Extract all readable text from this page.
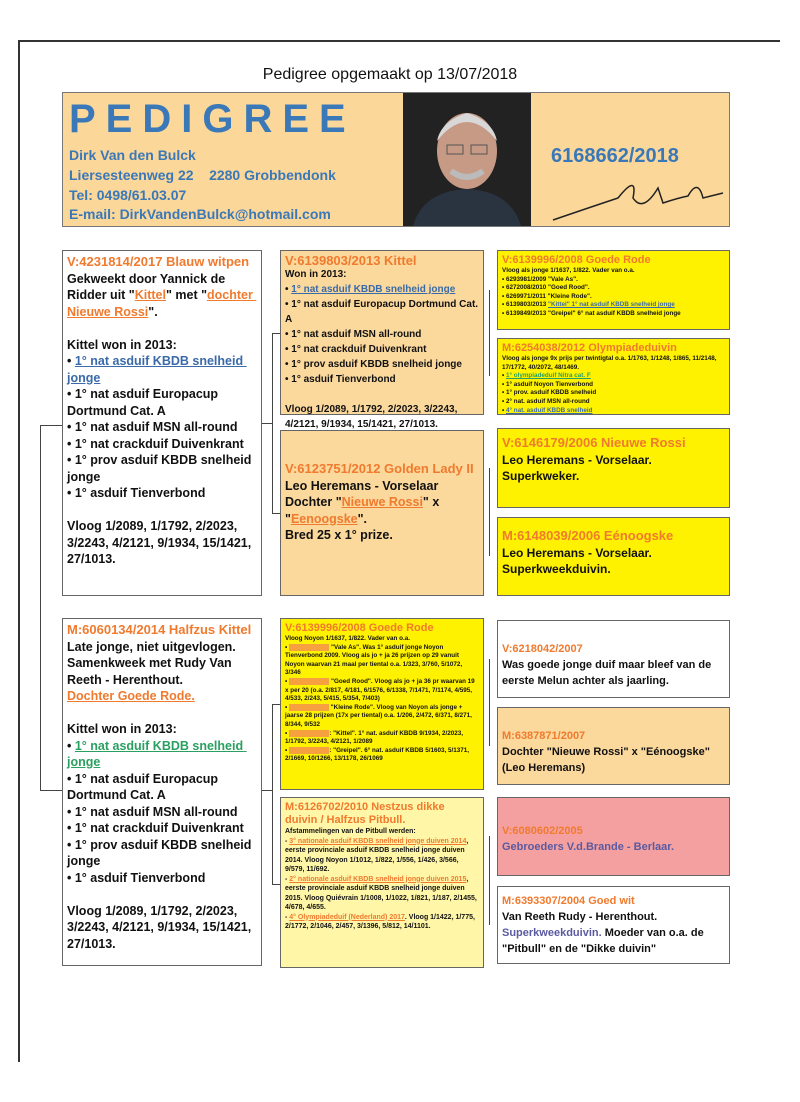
Pedigree opgemaakt op 13/07/2018
PEDIGREE
Dirk Van den Bulck
Liersesteenweg 22    2280 Grobbendonk
Tel: 0498/61.03.07
E-mail: DirkVandenBulck@hotmail.com
6168662/2018
V:4231814/2017 Blauw witpen
Gekweekt door Yannick de Ridder uit "Kittel" met "dochter Nieuwe Rossi".

Kittel won in 2013:
• 1° nat asduif KBDB snelheid jonge
• 1° nat asduif Europacup Dortmund Cat. A
• 1° nat asduif MSN all-round
• 1° nat crackduif Duivenkrant
• 1° prov asduif KBDB snelheid jonge
• 1° asduif Tienverbond

Vloog 1/2089, 1/1792, 2/2023, 3/2243, 4/2121, 9/1934, 15/1421, 27/1013.
M:6060134/2014 Halfzus Kittel
Late jonge, niet uitgevlogen. Samenkweek met Rudy Van Reeth - Herenthout.
Dochter Goede Rode.

Kittel won in 2013:
• 1° nat asduif KBDB snelheid jonge
• 1° nat asduif Europacup Dortmund Cat. A
• 1° nat asduif MSN all-round
• 1° nat crackduif Duivenkrant
• 1° prov asduif KBDB snelheid jonge
• 1° asduif Tienverbond

Vloog 1/2089, 1/1792, 2/2023, 3/2243, 4/2121, 9/1934, 15/1421, 27/1013.
V:6139803/2013 Kittel
Won in 2013:
• 1° nat asduif KBDB snelheid jonge
• 1° nat asduif Europacup Dortmund Cat. A
• 1° nat asduif MSN all-round
• 1° nat crackduif Duivenkrant
• 1° prov asduif KBDB snelheid jonge
• 1° asduif Tienverbond

Vloog 1/2089, 1/1792, 2/2023, 3/2243, 4/2121, 9/1934, 15/1421, 27/1013.
V:6123751/2012 Golden Lady II
Leo Heremans - Vorselaar
Dochter "Nieuwe Rossi" x "Eenoogske".
Bred 25 x 1° prize.
V:6139996/2008 Goede Rode
Vloog Noyon 1/1637, 1/822. Vader van o.a.
• 6293981/2009 "Vale As". Was 1° asduif jonge Noyon Tienverbond 2009. Vloog als jo + ja 26 prijzen op 29 vanuit Noyon waarvan 21 maal per tiental o.a. 1/323, 3/760, 5/1072, 3/346
• 6272008/2010 "Goed Rood". Vloog als jo + ja 36 pr waarvan 19 x per 20 (o.a. 2/817, 4/181, 6/1576, 6/1338, 7/1471, 7/1174, 4/595, 4/533, 2/243, 5/415, 5/354, 7/403)
• 6269971/2011 "Kleine Rode". Vloog van Noyon als jonge + jaarse 28 prijzen (17x per tiental) o.a. 1/206, 2/472, 6/371, 8/271, 8/344, 9/532
• 6139803/2013: "Kittel". 1° nat. asduif KBDB 9/1934, 2/2023, 1/1792, 3/2243, 4/2121, 1/2089
• 6139849/2013: "Greipel". 6° nat. asduif KBDB 5/1603, 5/1371, 2/1669, 10/1266, 13/1178, 26/1069
M:6126702/2010 Nestzus dikke duivin / Halfzus Pitbull.
Afstammelingen van de Pitbull werden:
- 3° nationale asduif KBDB snelheid jonge duiven 2014, eerste provinciale asduif KBDB snelheid jonge duiven 2014. Vloog Noyon 1/1012, 1/822, 1/556, 1/426, 3/566, 9/579, 11/692.
- 2° nationale asduif KBDB snelheid jonge duiven 2015, eerste provinciale asduif KBDB snelheid jonge duiven 2015. Vloog Quiévrain 1/1008, 1/1022, 1/821, 1/187, 2/1455, 4/678, 4/655.
- 4° Olympiadeduif (Nederland) 2017. Vloog 1/1422, 1/775, 2/1772, 2/1046, 2/457, 3/1396, 5/812, 14/1101.
V:6139996/2008 Goede Rode
Vloog als jonge 1/1637, 1/822. Vader van o.a.
• 6293981/2009 "Vale As".
• 6272008/2010 "Goed Rood".
• 6269971/2011 "Kleine Rode".
• 6139803/2013 "Kittel" 1° nat asduif KBDB snelheid jonge
• 6139849/2013 "Greipel" 6° nat asduif KBDB snelheid jonge
M:6254038/2012 Olympiadeduivin
Vloog als jonge 9x prijs per twintigtal o.a. 1/1763, 1/1248, 1/865, 11/2148, 17/1772, 40/2072, 48/1469.
• 1° olympiadeduif Nitra cat. F
• 1° asduif Noyon Tienverbond
• 1° prov. asduif KBDB snelheid
• 2° nat. asduif MSN all-round
• 4° nat. asduif KBDB snelheid
V:6146179/2006 Nieuwe Rossi
Leo Heremans - Vorselaar.
Superkweker.
M:6148039/2006 Eénoogske
Leo Heremans - Vorselaar.
Superkweekduivin.
V:6218042/2007
Was goede jonge duif maar bleef van de eerste Melun achter als jaarling.
M:6387871/2007
Dochter "Nieuwe Rossi" x "Eénoogske" (Leo Heremans)
V:6080602/2005
Gebroeders V.d.Brande - Berlaar.
M:6393307/2004 Goed wit
Van Reeth Rudy - Herenthout.
Superkweekduivin. Moeder van o.a. de "Pitbull" en de "Dikke duivin"
